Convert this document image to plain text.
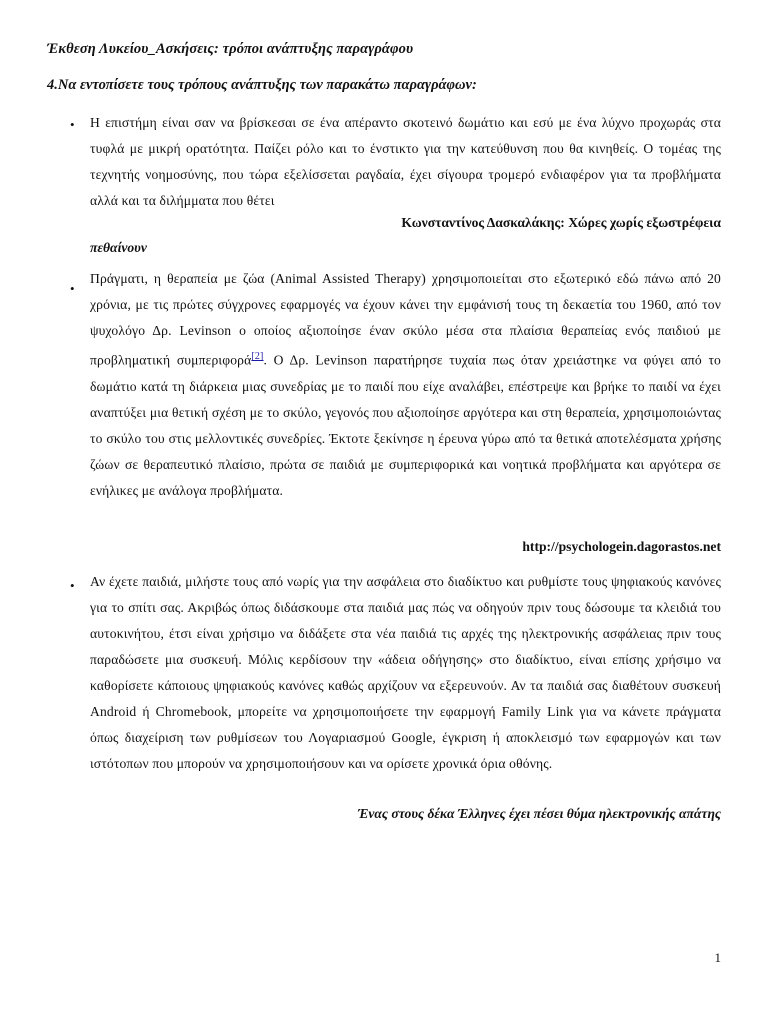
Έκθεση Λυκείου_Ασκήσεις: τρόποι ανάπτυξης παραγράφου
4.Να εντοπίσετε τους τρόπους ανάπτυξης των παρακάτω παραγράφων:
• Η επιστήμη είναι σαν να βρίσκεσαι σε ένα απέραντο σκοτεινό δωμάτιο και εσύ με ένα λύχνο προχωράς στα τυφλά με μικρή ορατότητα. Παίζει ρόλο και το ένστικτο για την κατεύθυνση που θα κινηθείς. Ο τομέας της τεχνητής νοημοσύνης, που τώρα εξελίσσεται ραγδαία, έχει σίγουρα τρομερό ενδιαφέρον για τα προβλήματα αλλά και τα διλήμματα που θέτει
Κωνσταντίνος Δασκαλάκης: Χώρες χωρίς εξωστρέφεια
πεθαίνουν
•
Πράγματι, η θεραπεία με ζώα (Animal Assisted Therapy) χρησιμοποιείται στο εξωτερικό εδώ πάνω από 20 χρόνια, με τις πρώτες σύγχρονες εφαρμογές να έχουν κάνει την εμφάνισή τους τη δεκαετία του 1960, από τον ψυχολόγο Δρ. Levinson ο οποίος αξιοποίησε έναν σκύλο μέσα στα πλαίσια θεραπείας ενός παιδιού με προβληματική συμπεριφορά[2]. Ο Δρ. Levinson παρατήρησε τυχαία πως όταν χρειάστηκε να φύγει από το δωμάτιο κατά τη διάρκεια μιας συνεδρίας με το παιδί που είχε αναλάβει, επέστρεψε και βρήκε το παιδί να έχει αναπτύξει μια θετική σχέση με το σκύλο, γεγονός που αξιοποίησε αργότερα και στη θεραπεία, χρησιμοποιώντας το σκύλο του στις μελλοντικές συνεδρίες. Έκτοτε ξεκίνησε η έρευνα γύρω από τα θετικά αποτελέσματα χρήσης ζώων σε θεραπευτικό πλαίσιο, πρώτα σε παιδιά με συμπεριφορικά και νοητικά προβλήματα και αργότερα σε ενήλικες με ανάλογα προβλήματα.
http://psychologein.dagorastos.net
• Αν έχετε παιδιά, μιλήστε τους από νωρίς για την ασφάλεια στο διαδίκτυο και ρυθμίστε τους ψηφιακούς κανόνες για το σπίτι σας. Ακριβώς όπως διδάσκουμε στα παιδιά μας πώς να οδηγούν πριν τους δώσουμε τα κλειδιά του αυτοκινήτου, έτσι είναι χρήσιμο να διδάξετε στα νέα παιδιά τις αρχές της ηλεκτρονικής ασφάλειας πριν τους παραδώσετε μια συσκευή. Μόλις κερδίσουν την «άδεια οδήγησης» στο διαδίκτυο, είναι επίσης χρήσιμο να καθορίσετε κάποιους ψηφιακούς κανόνες καθώς αρχίζουν να εξερευνούν. Αν τα παιδιά σας διαθέτουν συσκευή Android ή Chromebook, μπορείτε να χρησιμοποιήσετε την εφαρμογή Family Link για να κάνετε πράγματα όπως διαχείριση των ρυθμίσεων του Λογαριασμού Google, έγκριση ή αποκλεισμό των εφαρμογών και των ιστότοπων που μπορούν να χρησιμοποιήσουν και να ορίσετε χρονικά όρια οθόνης.
Ένας στους δέκα Έλληνες έχει πέσει θύμα ηλεκτρονικής απάτης
1
